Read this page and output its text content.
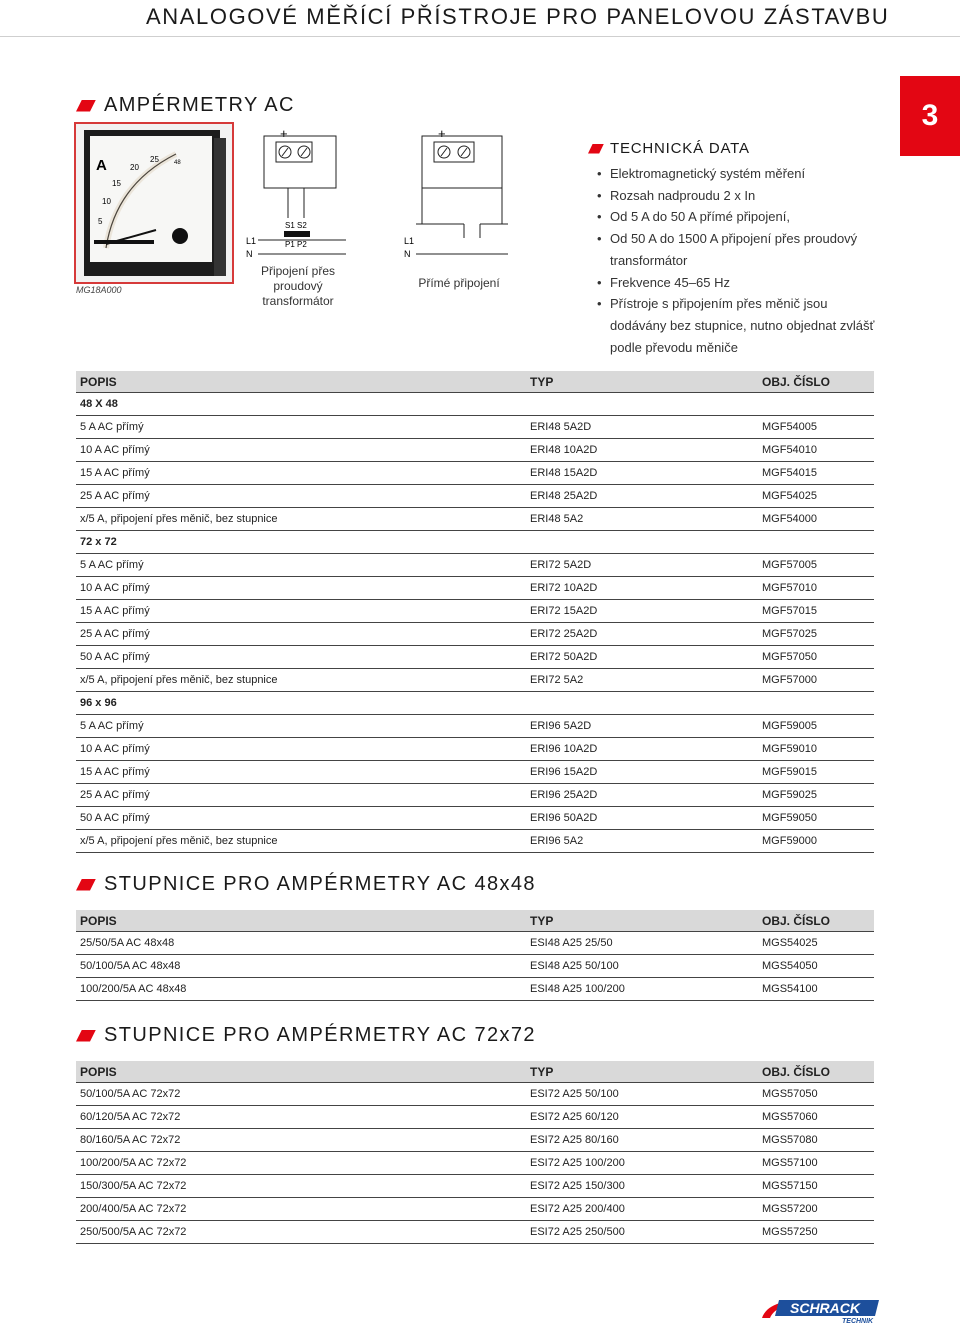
ANALOGOVÉ MĚŘÍCÍ PŘÍSTROJE PRO PANELOVOU ZÁSTAVBU
3
AMPÉRMETRY AC
A
5
10
15
20
25	48
MG18A000
+
S1 S2
P1 P2
L1
N
Připojení přes proudový transformátor
+
L1
N
Přímé připojení
TECHNICKÁ DATA
• Elektromagnetický systém měření
• Rozsah nadproudu 2 x In
• Od 5 A do 50 A přímé připojení,
• Od 50 A do 1500 A připojení přes proudový transformátor
• Frekvence 45–65 Hz
• Přístroje s připojením přes měnič jsou dodávány bez stupnice, nutno objednat zvlášť podle převodu měniče
POPIS	TYP	OBJ. ČÍSLO
48 X 48
5 A AC přímý	ERI48 5A2D	MGF54005
10 A AC přímý	ERI48 10A2D	MGF54010
15 A AC přímý	ERI48 15A2D	MGF54015
25 A AC přímý	ERI48 25A2D	MGF54025
x/5 A, připojení přes měnič, bez stupnice	ERI48 5A2	MGF54000
72 x 72
5 A AC přímý	ERI72 5A2D	MGF57005
10 A AC přímý	ERI72 10A2D	MGF57010
15 A AC přímý	ERI72 15A2D	MGF57015
25 A AC přímý	ERI72 25A2D	MGF57025
50 A AC přímý	ERI72 50A2D	MGF57050
x/5 A, připojení přes měnič, bez stupnice	ERI72 5A2	MGF57000
96 x 96
5 A AC přímý	ERI96 5A2D	MGF59005
10 A AC přímý	ERI96 10A2D	MGF59010
15 A AC přímý	ERI96 15A2D	MGF59015
25 A AC přímý	ERI96 25A2D	MGF59025
50 A AC přímý	ERI96 50A2D	MGF59050
x/5 A, připojení přes měnič, bez stupnice	ERI96 5A2	MGF59000
STUPNICE PRO AMPÉRMETRY AC 48x48
POPIS	TYP	OBJ. ČÍSLO
25/50/5A AC 48x48	ESI48 A25 25/50	MGS54025
50/100/5A AC 48x48	ESI48 A25 50/100	MGS54050
100/200/5A AC 48x48	ESI48 A25 100/200	MGS54100
STUPNICE PRO AMPÉRMETRY AC 72x72
POPIS	TYP	OBJ. ČÍSLO
50/100/5A AC 72x72	ESI72 A25 50/100	MGS57050
60/120/5A AC 72x72	ESI72 A25 60/120	MGS57060
80/160/5A AC 72x72	ESI72 A25 80/160	MGS57080
100/200/5A AC 72x72	ESI72 A25 100/200	MGS57100
150/300/5A AC 72x72	ESI72 A25 150/300	MGS57150
200/400/5A AC 72x72	ESI72 A25 200/400	MGS57200
250/500/5A AC 72x72	ESI72 A25 250/500	MGS57250
SCHRACK
TECHNIK
